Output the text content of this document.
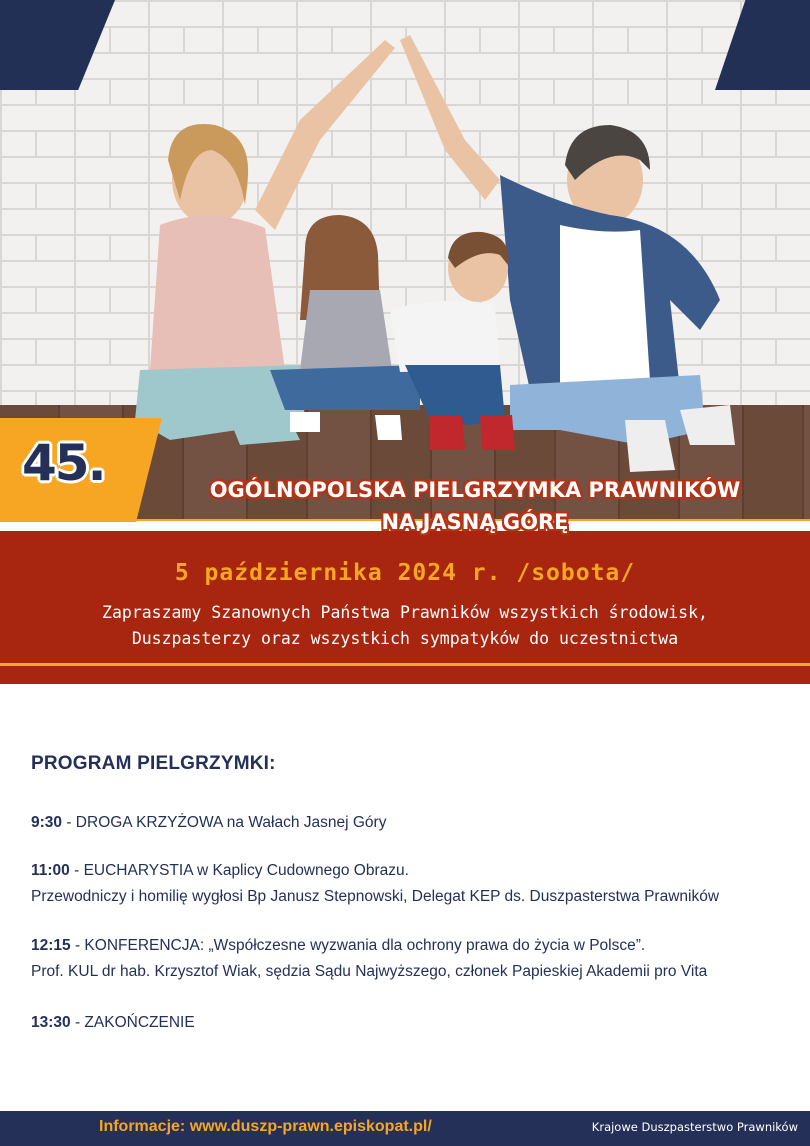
45.	OGÓLNOPOLSKA PIELGRZYMKA PRAWNIKÓW
NA JASNĄ GÓRĘ
5 października 2024 r. /sobota/
Zapraszamy Szanownych Państwa Prawników wszystkich środowisk,
Duszpasterzy oraz wszystkich sympatyków do uczestnictwa
PROGRAM PIELGRZYMKI:
9:30 - DROGA KRZYŻOWA na Wałach Jasnej Góry
11:00 - EUCHARYSTIA w Kaplicy Cudownego Obrazu.
Przewodniczy i homilię wygłosi Bp Janusz Stepnowski, Delegat KEP ds. Duszpasterstwa Prawników
12:15 - KONFERENCJA: „Współczesne wyzwania dla ochrony prawa do życia w Polsce”.
Prof. KUL dr hab. Krzysztof Wiak, sędzia Sądu Najwyższego, członek Papieskiej Akademii pro Vita
13:30 - ZAKOŃCZENIE
Informacje: www.duszp-prawn.episkopat.pl/	Krajowe Duszpasterstwo Prawników
